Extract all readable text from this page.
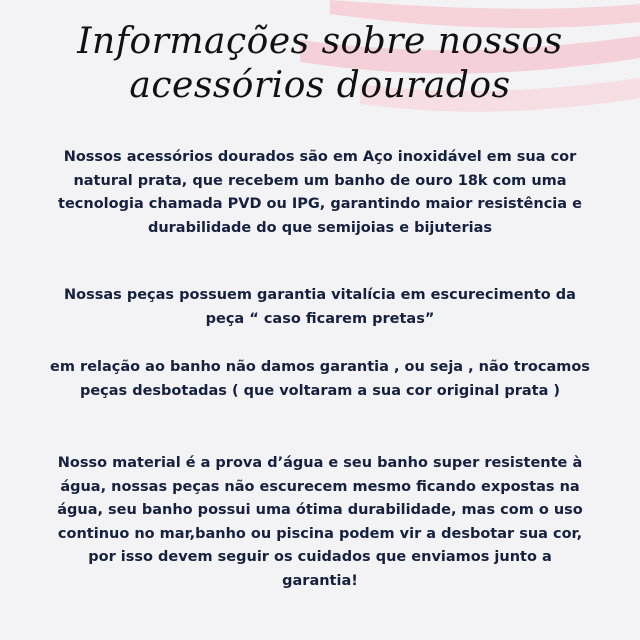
Informações sobre nossos acessórios dourados

Nossos acessórios dourados são em Aço inoxidável em sua cor natural prata, que recebem um banho de ouro 18k com uma tecnologia chamada PVD ou IPG, garantindo maior resistência e durabilidade do que semijoias e bijuterias

Nossas peças possuem garantia vitalícia em escurecimento da peça “ caso ficarem pretas”

em relação ao banho não damos garantia , ou seja , não trocamos peças desbotadas ( que voltaram a sua cor original prata )

Nosso material é a prova d’água e seu banho super resistente à água, nossas peças não escurecem mesmo ficando expostas na água, seu banho possui uma ótima durabilidade, mas com o uso continuo no mar,banho ou piscina podem vir a desbotar sua cor, por isso devem seguir os cuidados que enviamos junto a garantia!
